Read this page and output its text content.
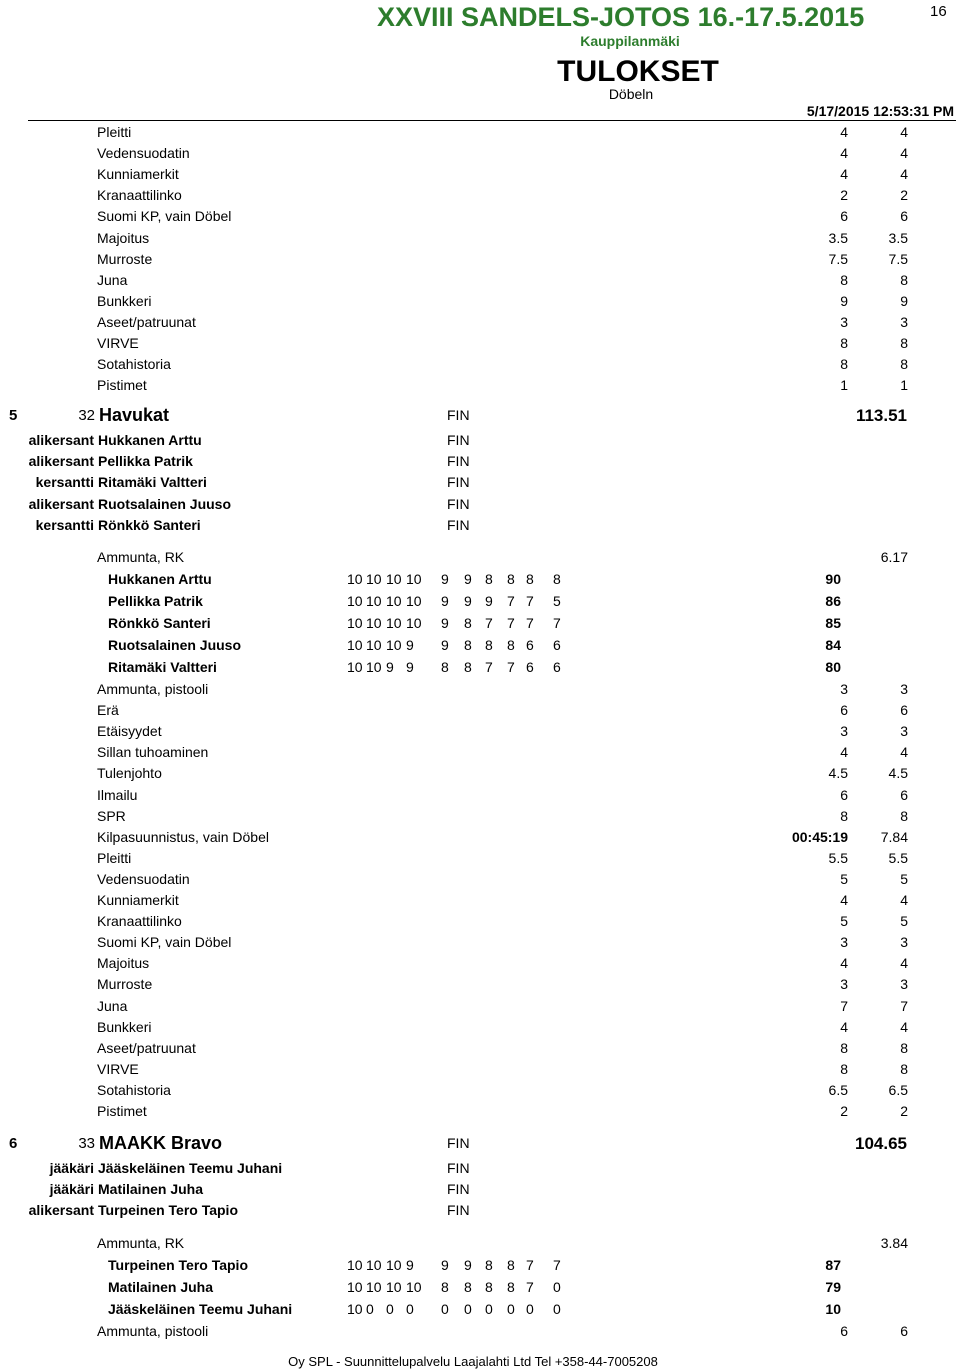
XXVIII SANDELS-JOTOS 16.-17.5.2015
Kauppilanmäki
16
TULOKSET
Döbeln
5/17/2015 12:53:31 PM
Pleitti	4	4
Vedensuodatin	4	4
Kunniamerkit	4	4
Kranaattilinko	2	2
Suomi KP, vain Döbel	6	6
Majoitus	3.5	3.5
Murroste	7.5	7.5
Juna	8	8
Bunkkeri	9	9
Aseet/patruunat	3	3
VIRVE	8	8
Sotahistoria	8	8
Pistimet	1	1
5	32 Havukat	FIN	113.51
alikersant Hukkanen Arttu	FIN
alikersant Pellikka Patrik	FIN
kersantti Ritamäki Valtteri	FIN
alikersant Ruotsalainen Juuso	FIN
kersantti Rönkkö Santeri	FIN
Ammunta, RK	6.17
Hukkanen Arttu	10 10 10 10 9 9 8 8 8 8	90
Pellikka Patrik	10 10 10 10 9 9 9 7 7 5	86
Rönkkö Santeri	10 10 10 10 9 8 7 7 7 7	85
Ruotsalainen Juuso	10 10 10 9 9 8 8 8 6 6	84
Ritamäki Valtteri	10 10 9 9 8 8 7 7 6 6	80
Ammunta, pistooli	3	3
Erä	6	6
Etäisyydet	3	3
Sillan tuhoaminen	4	4
Tulenjohto	4.5	4.5
Ilmailu	6	6
SPR	8	8
Kilpasuunnistus, vain Döbel	00:45:19 7.84
Pleitti	5.5	5.5
Vedensuodatin	5	5
Kunniamerkit	4	4
Kranaattilinko	5	5
Suomi KP, vain Döbel	3	3
Majoitus	4	4
Murroste	3	3
Juna	7	7
Bunkkeri	4	4
Aseet/patruunat	8	8
VIRVE	8	8
Sotahistoria	6.5	6.5
Pistimet	2	2
6	33 MAAKK Bravo	FIN	104.65
jääkäri Jääskeläinen Teemu Juhani	FIN
jääkäri Matilainen Juha	FIN
alikersant Turpeinen Tero Tapio	FIN
Ammunta, RK	3.84
Turpeinen Tero Tapio	10 10 10 9 9 9 8 8 7 7	87
Matilainen Juha	10 10 10 10 8 8 8 8 7 0	79
Jääskeläinen Teemu Juhani	10 0 0 0 0 0 0 0 0 0	10
Ammunta, pistooli	6	6
Oy SPL - Suunnittelupalvelu Laajalahti Ltd Tel +358-44-7005208
